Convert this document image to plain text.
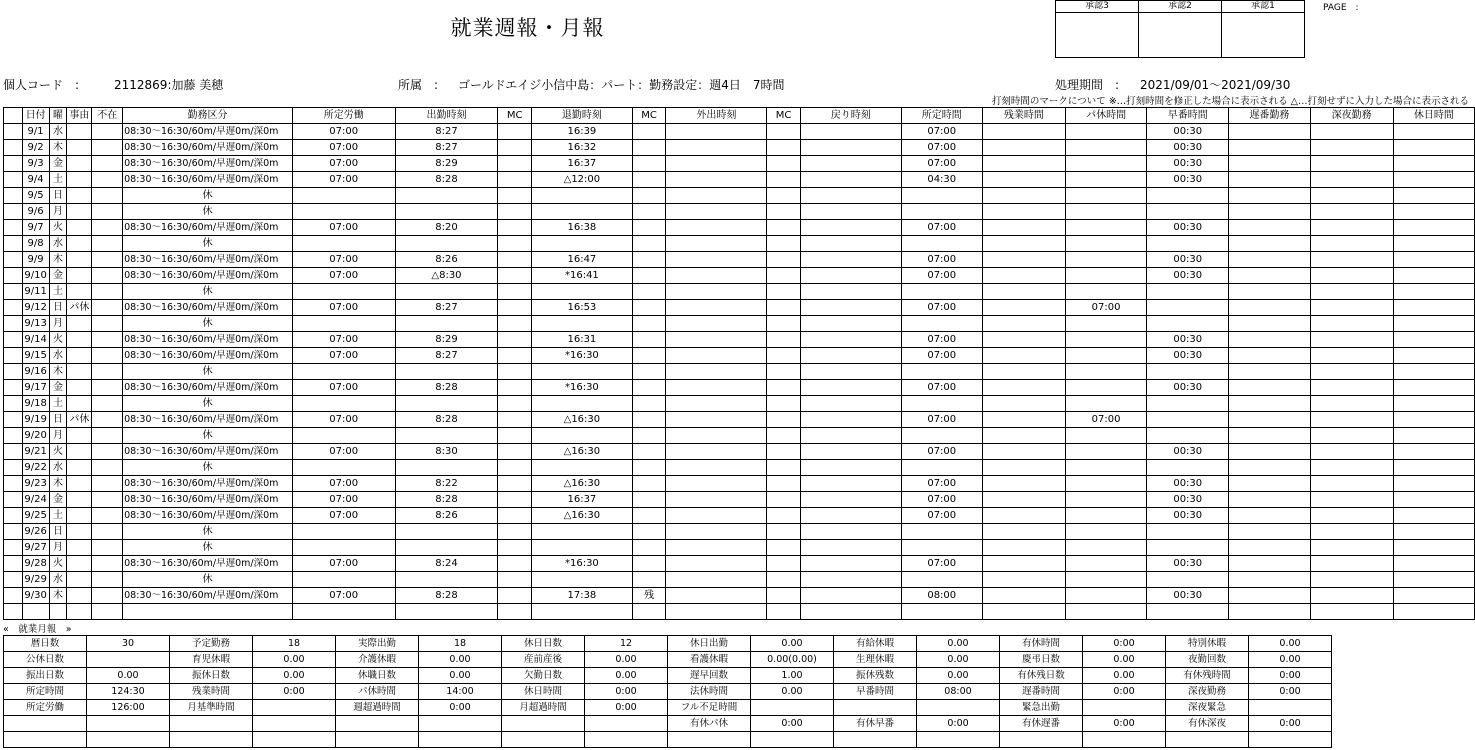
就業週報・月報
承認3	承認2	承認1
			PAGE　:
個人コード　:	2112869:加藤 美穂	所属　: ゴールドエイジ小信中島：パート：勤務設定：週4日　7時間	処理期間　: 2021/09/01～2021/09/30
打刻時間のマークについて ※…打刻時間を修正した場合に表示される △…打刻せずに入力した場合に表示される
	日付	曜	事由	不在	勤務区分	所定労働	出勤時刻	MC	退勤時刻	MC	外出時刻	MC	戻り時刻	所定時間	残業時間	パ休時間	早番時間	遅番勤務	深夜勤務	休日時間
	9/1	水			08:30～16:30/60m/早遅0m/深0m	07:00	8:27		16:39					07:00			00:30			
	9/2	木			08:30～16:30/60m/早遅0m/深0m	07:00	8:27		16:32					07:00			00:30			
	9/3	金			08:30～16:30/60m/早遅0m/深0m	07:00	8:29		16:37					07:00			00:30			
	9/4	土			08:30～16:30/60m/早遅0m/深0m	07:00	8:28		△12:00					04:30			00:30			
	9/5	日			休															
	9/6	月			休															
	9/7	火			08:30～16:30/60m/早遅0m/深0m	07:00	8:20		16:38					07:00			00:30			
	9/8	水			休															
	9/9	木			08:30～16:30/60m/早遅0m/深0m	07:00	8:26		16:47					07:00			00:30			
	9/10	金			08:30～16:30/60m/早遅0m/深0m	07:00	△8:30		*16:41					07:00			00:30			
	9/11	土			休															
	9/12	日	パ休		08:30～16:30/60m/早遅0m/深0m	07:00	8:27		16:53					07:00		07:00				
	9/13	月			休															
	9/14	火			08:30～16:30/60m/早遅0m/深0m	07:00	8:29		16:31					07:00			00:30			
	9/15	水			08:30～16:30/60m/早遅0m/深0m	07:00	8:27		*16:30					07:00			00:30			
	9/16	木			休															
	9/17	金			08:30～16:30/60m/早遅0m/深0m	07:00	8:28		*16:30					07:00			00:30			
	9/18	土			休															
	9/19	日	パ休		08:30～16:30/60m/早遅0m/深0m	07:00	8:28		△16:30					07:00		07:00				
	9/20	月			休															
	9/21	火			08:30～16:30/60m/早遅0m/深0m	07:00	8:30		△16:30					07:00			00:30			
	9/22	水			休															
	9/23	木			08:30～16:30/60m/早遅0m/深0m	07:00	8:22		△16:30					07:00			00:30			
	9/24	金			08:30～16:30/60m/早遅0m/深0m	07:00	8:28		16:37					07:00			00:30			
	9/25	土			08:30～16:30/60m/早遅0m/深0m	07:00	8:26		△16:30					07:00			00:30			
	9/26	日			休															
	9/27	月			休															
	9/28	火			08:30～16:30/60m/早遅0m/深0m	07:00	8:24		*16:30					07:00			00:30			
	9/29	水			休															
	9/30	木			08:30～16:30/60m/早遅0m/深0m	07:00	8:28		17:38	残				08:00			00:30			

«　就業月報　»
暦日数	30	予定勤務	18	実際出勤	18	休日日数	12	休日出勤	0.00	有給休暇	0.00	有休時間	0:00	特別休暇	0.00
公休日数		育児休暇	0.00	介護休暇	0.00	産前産後	0.00	看護休暇	0.00(0.00)	生理休暇	0.00	慶弔日数	0.00	夜勤回数	0.00
振出日数	0.00	振休日数	0.00	休職日数	0.00	欠勤日数	0.00	遅早回数	1.00	振休残数	0.00	有休残日数	0.00	有休残時間	0:00
所定時間	124:30	残業時間	0:00	パ休時間	14:00	休日時間	0:00	法休時間	0.00	早番時間	08:00	遅番時間	0:00	深夜勤務	0:00
所定労働	126:00	月基準時間		週超過時間	0:00	月超過時間	0:00	フル不足時間				緊急出勤		深夜緊急	
								有休パ休	0:00	有休早番	0:00	有休遅番	0:00	有休深夜	0:00
